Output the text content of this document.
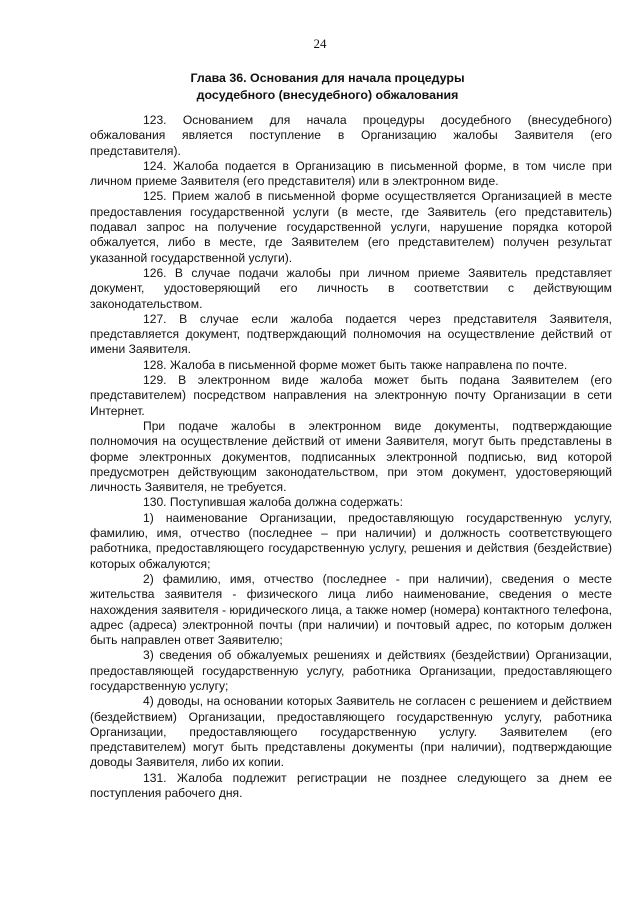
24
Глава 36. Основания для начала процедуры
досудебного (внесудебного) обжалования

123. Основанием для начала процедуры досудебного (внесудебного) обжалования является поступление в Организацию жалобы Заявителя (его представителя).

124. Жалоба подается в Организацию в письменной форме, в том числе при личном приеме Заявителя (его представителя) или в электронном виде.

125. Прием жалоб в письменной форме осуществляется Организацией в месте предоставления государственной услуги (в месте, где Заявитель (его представитель) подавал запрос на получение государственной услуги, нарушение порядка которой обжалуется, либо в месте, где Заявителем (его представителем) получен результат указанной государственной услуги).

126. В случае подачи жалобы при личном приеме Заявитель представляет документ, удостоверяющий его личность в соответствии с действующим законодательством.

127. В случае если жалоба подается через представителя Заявителя, представляется документ, подтверждающий полномочия на осуществление действий от имени Заявителя.

128. Жалоба в письменной форме может быть также направлена по почте.

129. В электронном виде жалоба может быть подана Заявителем (его представителем) посредством направления на электронную почту Организации в сети Интернет.

При подаче жалобы в электронном виде документы, подтверждающие полномочия на осуществление действий от имени Заявителя, могут быть представлены в форме электронных документов, подписанных электронной подписью, вид которой предусмотрен действующим законодательством, при этом документ, удостоверяющий личность Заявителя, не требуется.

130. Поступившая жалоба должна содержать:

1) наименование Организации, предоставляющую государственную услугу, фамилию, имя, отчество (последнее – при наличии) и должность соответствующего работника, предоставляющего государственную услугу, решения и действия (бездействие) которых обжалуются;

2) фамилию, имя, отчество (последнее - при наличии), сведения о месте жительства заявителя - физического лица либо наименование, сведения о месте нахождения заявителя - юридического лица, а также номер (номера) контактного телефона, адрес (адреса) электронной почты (при наличии) и почтовый адрес, по которым должен быть направлен ответ Заявителю;

3) сведения об обжалуемых решениях и действиях (бездействии) Организации, предоставляющей государственную услугу, работника Организации, предоставляющего государственную услугу;

4) доводы, на основании которых Заявитель не согласен с решением и действием (бездействием) Организации, предоставляющего государственную услугу, работника Организации, предоставляющего государственную услугу. Заявителем (его представителем) могут быть представлены документы (при наличии), подтверждающие доводы Заявителя, либо их копии.

131. Жалоба подлежит регистрации не позднее следующего за днем ее поступления рабочего дня.
